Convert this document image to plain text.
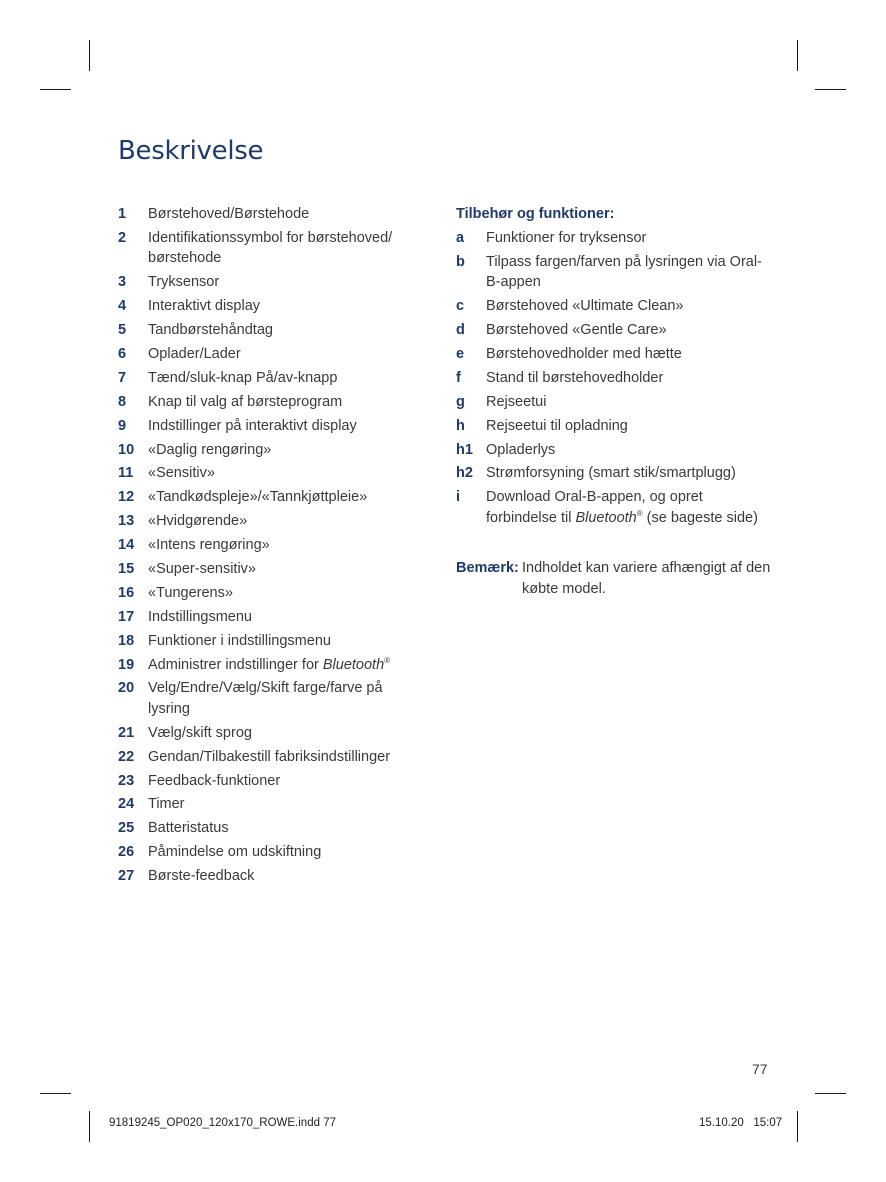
Beskrivelse
1 Børstehoved/Børstehode
2 Identifikationssymbol for børstehoved/ børstehode
3 Tryksensor
4 Interaktivt display
5 Tandbørstehåndtag
6 Oplader/Lader
7 Tænd/sluk-knap På/av-knapp
8 Knap til valg af børsteprogram
9 Indstillinger på interaktivt display
10 «Daglig rengøring»
11 «Sensitiv»
12 «Tandkødspleje»/«Tannkjøttpleie»
13 «Hvidgørende»
14 «Intens rengøring»
15 «Super-sensitiv»
16 «Tungerens»
17 Indstillingsmenu
18 Funktioner i indstillingsmenu
19 Administrer indstillinger for Bluetooth®
20 Velg/Endre/Vælg/Skift farge/farve på lysring
21 Vælg/skift sprog
22 Gendan/Tilbakestill fabriksindstillinger
23 Feedback-funktioner
24 Timer
25 Batteristatus
26 Påmindelse om udskiftning
27 Børste-feedback
Tilbehør og funktioner:
a Funktioner for tryksensor
b Tilpass fargen/farven på lysringen via Oral-B-appen
c Børstehoved «Ultimate Clean»
d Børstehoved «Gentle Care»
e Børstehovedholder med hætte
f Stand til børstehovedholder
g Rejseetui
h Rejseetui til opladning
h1 Opladerlys
h2 Strømforsyning (smart stik/smartplugg)
i Download Oral-B-appen, og opret forbindelse til Bluetooth® (se bageste side)
Bemærk: Indholdet kan variere afhængigt af den købte model.
77
91819245_OP020_120x170_ROWE.indd 77	15.10.20   15:07
